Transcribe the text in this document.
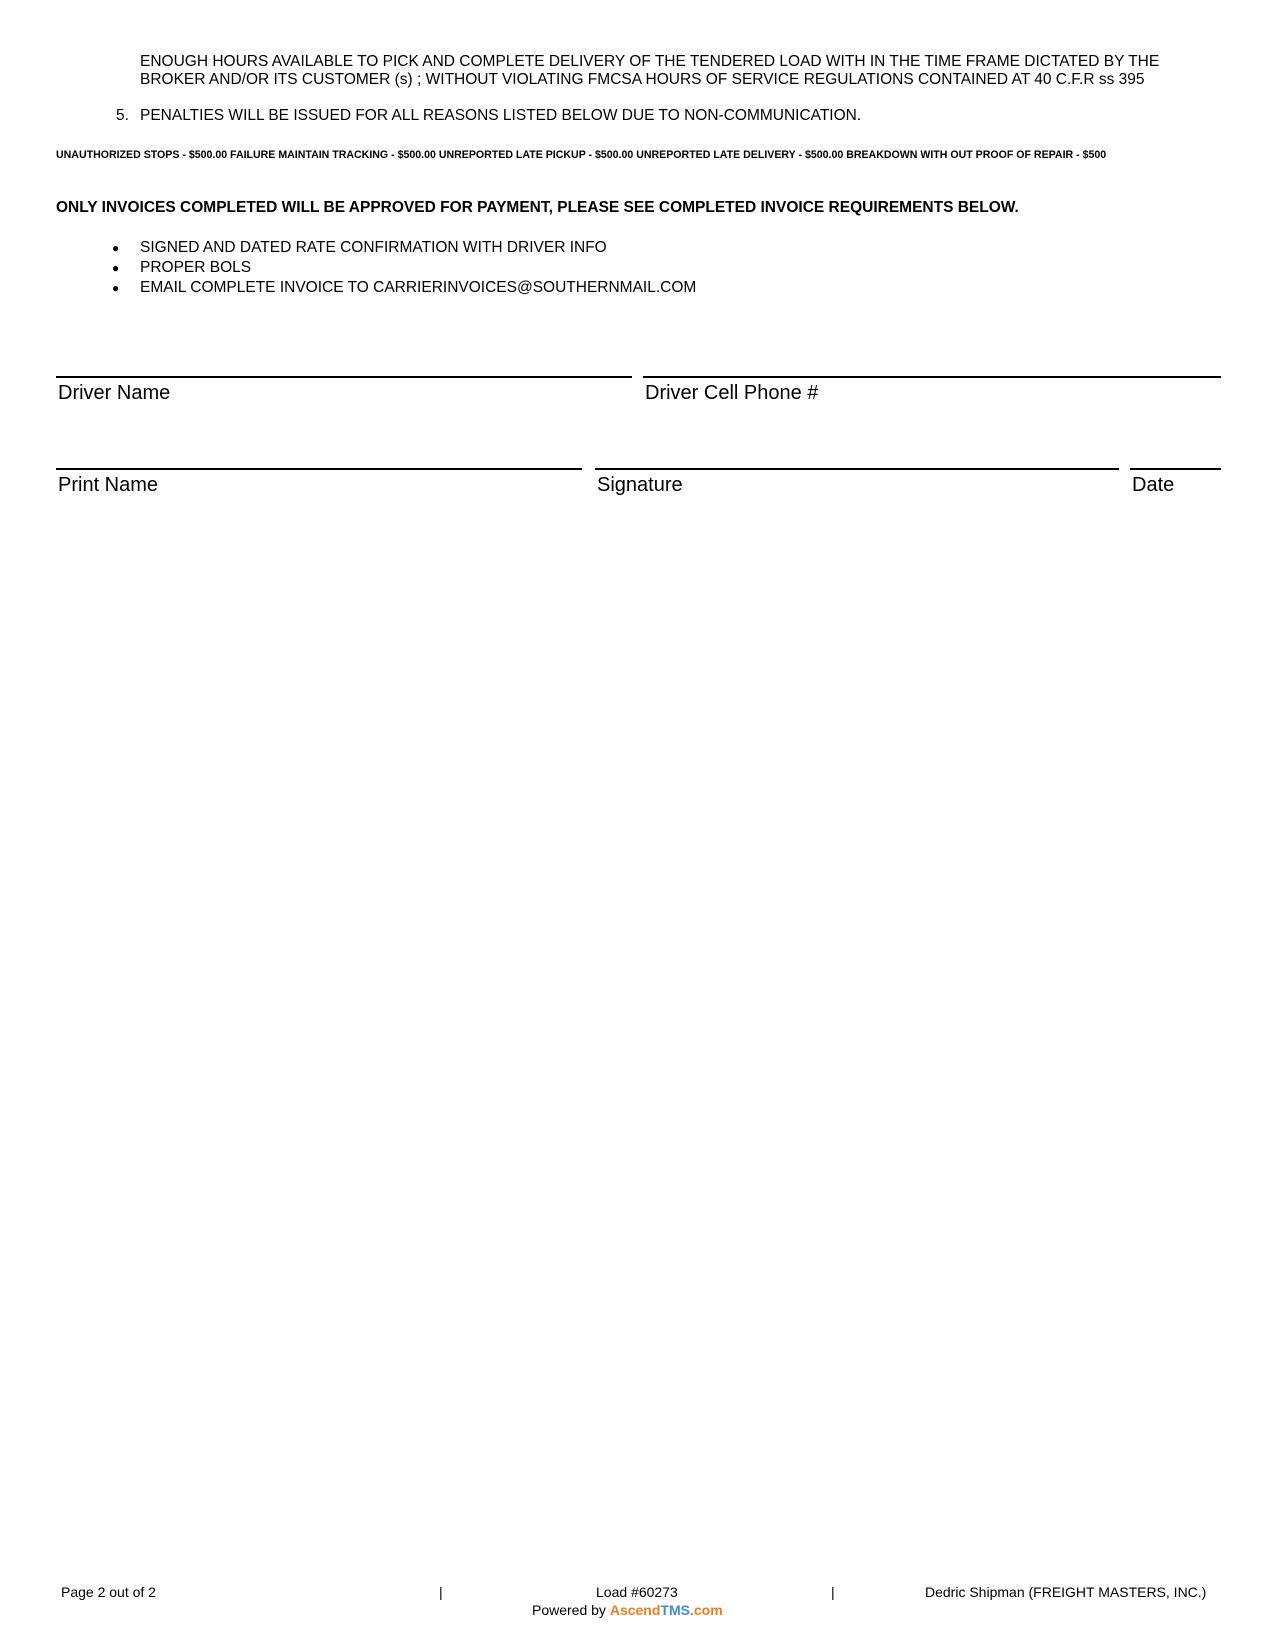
ENOUGH HOURS AVAILABLE TO PICK AND COMPLETE DELIVERY OF THE TENDERED LOAD WITH IN THE TIME FRAME DICTATED BY THE BROKER AND/OR ITS CUSTOMER (s) ; WITHOUT VIOLATING FMCSA HOURS OF SERVICE REGULATIONS CONTAINED AT 40 C.F.R ss 395
5. PENALTIES WILL BE ISSUED FOR ALL REASONS LISTED BELOW DUE TO NON-COMMUNICATION.
UNAUTHORIZED STOPS - $500.00 FAILURE MAINTAIN TRACKING - $500.00 UNREPORTED LATE PICKUP - $500.00 UNREPORTED LATE DELIVERY - $500.00 BREAKDOWN WITH OUT PROOF OF REPAIR - $500
ONLY INVOICES COMPLETED WILL BE APPROVED FOR PAYMENT, PLEASE SEE COMPLETED INVOICE REQUIREMENTS BELOW.
●	SIGNED AND DATED RATE CONFIRMATION WITH DRIVER INFO
●	PROPER BOLS
●	EMAIL COMPLETE INVOICE TO CARRIERINVOICES@SOUTHERNMAIL.COM
Driver Name	Driver Cell Phone #
Print Name	Signature	Date
Page 2 out of 2	|	Load #60273	|	Dedric Shipman (FREIGHT MASTERS, INC.)
Powered by AscendTMS.com
